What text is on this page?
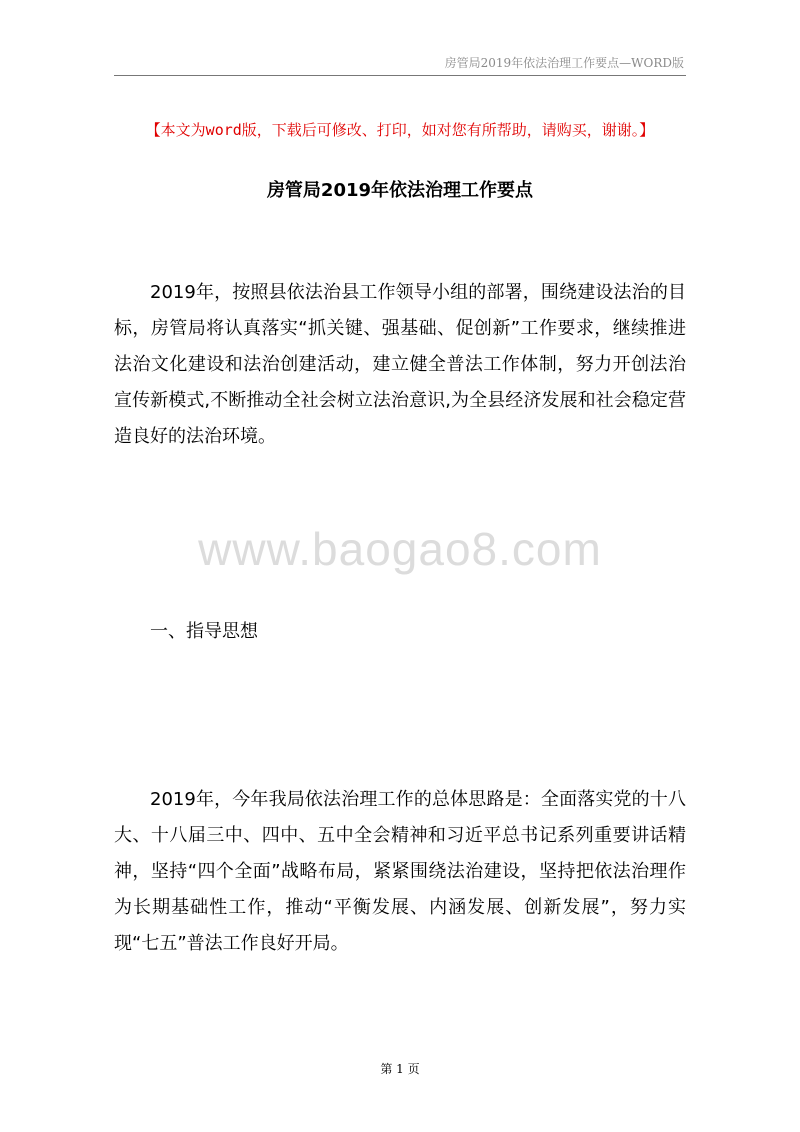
房管局2019年依法治理工作要点—WORD版
【本文为word版，下载后可修改、打印，如对您有所帮助，请购买，谢谢。】
房管局2019年依法治理工作要点

2019年，按照县依法治县工作领导小组的部署，围绕建设法治的目标，房管局将认真落实“抓关键、强基础、促创新”工作要求，继续推进法治文化建设和法治创建活动，建立健全普法工作体制，努力开创法治宣传新模式,不断推动全社会树立法治意识,为全县经济发展和社会稳定营造良好的法治环境。

www.baogao8.com
一、指导思想

2019年，今年我局依法治理工作的总体思路是：全面落实党的十八大、十八届三中、四中、五中全会精神和习近平总书记系列重要讲话精神，坚持“四个全面”战略布局，紧紧围绕法治建设，坚持把依法治理作为长期基础性工作，推动“平衡发展、内涵发展、创新发展”，努力实现“七五”普法工作良好开局。

第 1 页
